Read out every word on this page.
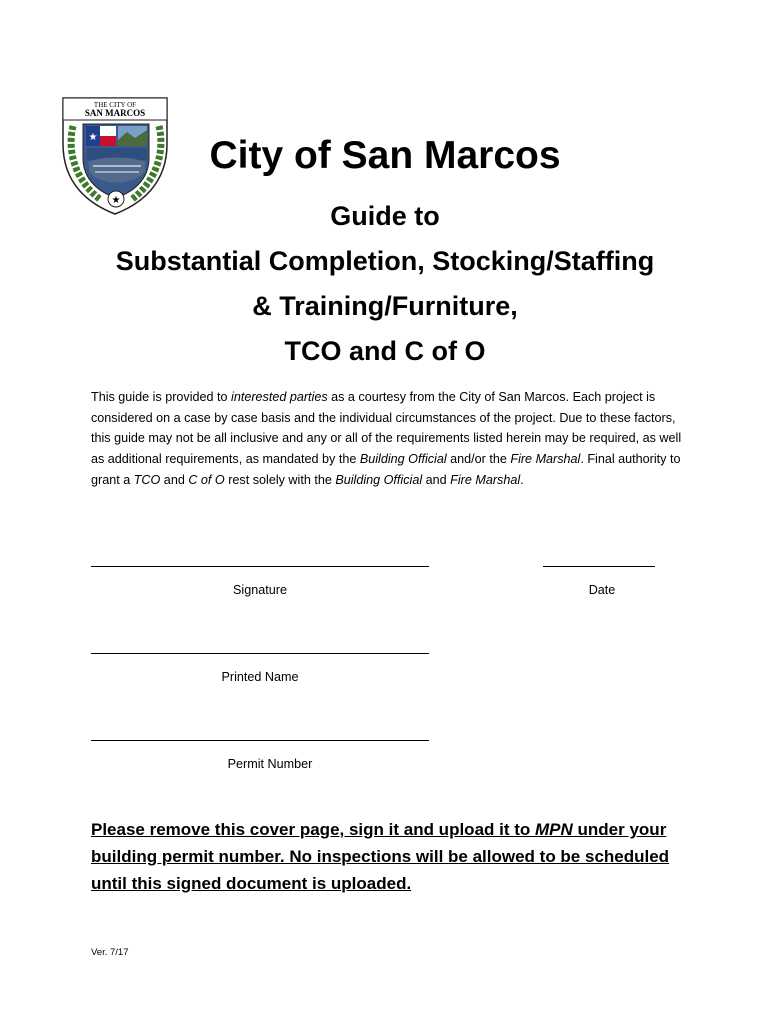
THE CITY OF
SAN MARCOS
★
★
City of San Marcos
Guide to
Substantial Completion, Stocking/Staffing
& Training/Furniture,
TCO and C of O

This guide is provided to interested parties as a courtesy from the City of San Marcos. Each project is considered on a case by case basis and the individual circumstances of the project. Due to these factors, this guide may not be all inclusive and any or all of the requirements listed herein may be required, as well as additional requirements, as mandated by the Building Official and/or the Fire Marshal. Final authority to grant a TCO and C of O rest solely with the Building Official and Fire Marshal.

Signature	Date
Printed Name
Permit Number

Please remove this cover page, sign it and upload it to MPN under your building permit number. No inspections will be allowed to be scheduled until this signed document is uploaded.

Ver. 7/17
